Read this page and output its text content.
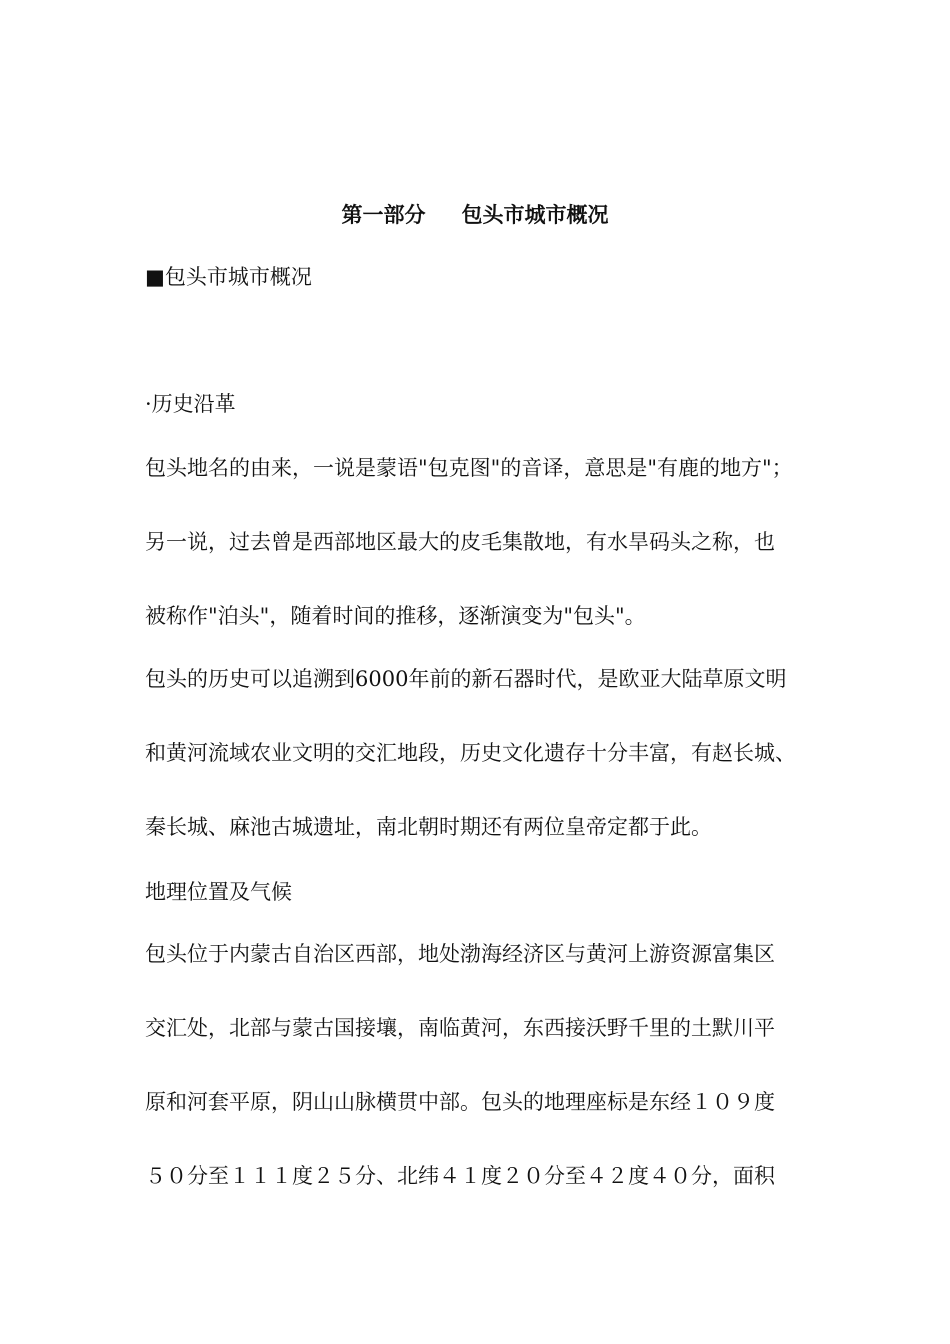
第一部分 包头市城市概况
■包头市城市概况
·历史沿革
包头地名的由来，一说是蒙语"包克图"的音译，意思是"有鹿的地方"；
另一说，过去曾是西部地区最大的皮毛集散地，有水旱码头之称，也
被称作"泊头"，随着时间的推移，逐渐演变为"包头"。
包头的历史可以追溯到6000年前的新石器时代，是欧亚大陆草原文明
和黄河流域农业文明的交汇地段，历史文化遗存十分丰富，有赵长城、
秦长城、麻池古城遗址，南北朝时期还有两位皇帝定都于此。
地理位置及气候
包头位于内蒙古自治区西部，地处渤海经济区与黄河上游资源富集区
交汇处，北部与蒙古国接壤，南临黄河，东西接沃野千里的土默川平
原和河套平原，阴山山脉横贯中部。包头的地理座标是东经１０９度
５０分至１１１度２５分、北纬４１度２０分至４２度４０分，面积
